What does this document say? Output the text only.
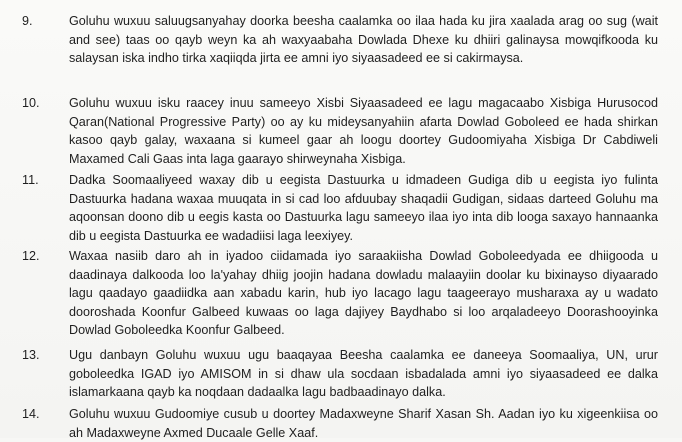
9.	Goluhu wuxuu saluugsanyahay doorka beesha caalamka oo ilaa hada ku jira xaalada arag oo sug (wait and see) taas oo qayb weyn ka ah waxyaabaha Dowlada Dhexe ku dhiiri galinaysa mowqifkooda ku salaysan iska indho tirka xaqiiqda jirta ee amni iyo siyaasadeed ee si cakirmaysa.
10.	Goluhu wuxuu isku raacey inuu sameeyo Xisbi Siyaasadeed ee lagu magacaabo Xisbiga Hurusocod Qaran(National Progressive Party) oo ay ku mideysanyahiin afarta Dowlad Goboleed ee hada shirkan kasoo qayb galay, waxaana si kumeel gaar ah loogu doortey Gudoomiyaha Xisbiga Dr Cabdiweli Maxamed Cali Gaas inta laga gaarayo shirweynaha Xisbiga.
11.	Dadka Soomaaliyeed waxay dib u eegista Dastuurka u idmadeen Gudiga dib u eegista iyo fulinta Dastuurka hadana waxaa muuqata in si cad loo afduubay shaqadii Gudigan, sidaas darteed Goluhu ma aqoonsan doono dib u eegis kasta oo Dastuurka lagu sameeyo ilaa iyo inta dib looga saxayo hannaanka dib u eegista Dastuurka ee wadadiisi laga leexiyey.
12.	Waxaa nasiib daro ah in iyadoo ciidamada iyo saraakiisha Dowlad Goboleedyada ee dhiigooda u daadinaya dalkooda loo la'yahay dhiig joojin hadana dowladu malaayiin doolar ku bixinayso diyaarado lagu qaadayo gaadiidka aan xabadu karin, hub iyo lacago lagu taageerayo musharaxa ay u wadato dooroshada Koonfur Galbeed kuwaas oo laga dajiyey Baydhabo si loo arqaladeeyo Doorashooyinka Dowlad Goboleedka Koonfur Galbeed.
13.	Ugu danbayn Goluhu wuxuu ugu baaqayaa Beesha caalamka ee daneeya Soomaaliya, UN, urur goboleedka IGAD iyo AMISOM in si dhaw ula socdaan isbadalada amni iyo siyaasadeed ee dalka islamarkaana qayb ka noqdaan dadaalka lagu badbaadinayo dalka.
14.	Goluhu wuxuu Gudoomiye cusub u doortey Madaxweyne Sharif Xasan Sh. Aadan iyo ku xigeenkiisa oo ah Madaxweyne Axmed Ducaale Gelle Xaaf.
